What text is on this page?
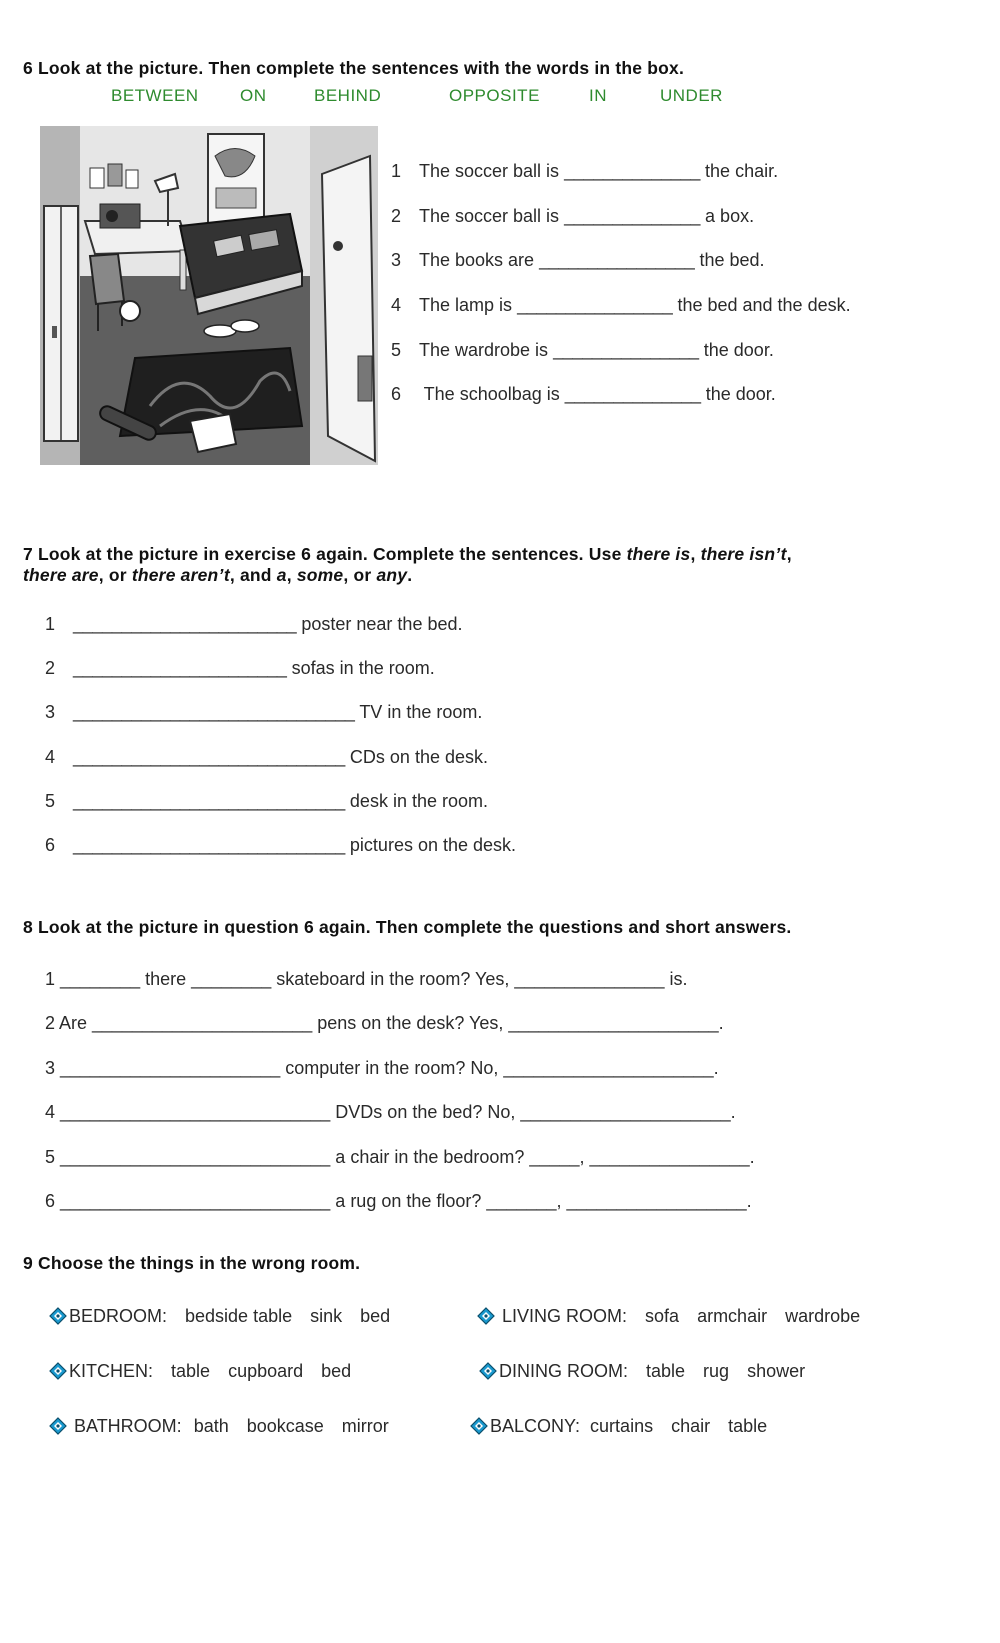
6 Look at the picture. Then complete the sentences with the words in the box.
BETWEEN ON	BEHIND	OPPOSITE	IN	UNDER
1 The soccer ball is ______________ the chair.
2 The soccer ball is ______________ a box.
3 The books are ________________ the bed.
4 The lamp is ________________ the bed and the desk.
5 The wardrobe is _______________ the door.
6 The schoolbag is ______________ the door.
7 Look at the picture in exercise 6 again. Complete the sentences. Use there is, there isn’t,
there are, or there aren’t, and a, some, or any.
1 _______________________ poster near the bed.
2 ______________________ sofas in the room.
3 _____________________________ TV in the room.
4 ____________________________ CDs on the desk.
5 ____________________________ desk in the room.
6 ____________________________ pictures on the desk.
8 Look at the picture in question 6 again. Then complete the questions and short answers.
1 ________ there ________ skateboard in the room? Yes, _______________ is.
2 Are ______________________ pens on the desk? Yes, _____________________.
3 ______________________ computer in the room? No, _____________________.
4 ___________________________ DVDs on the bed? No, _____________________.
5 ___________________________ a chair in the bedroom? _____, ________________.
6 ___________________________ a rug on the floor? _______, __________________.
9 Choose the things in the wrong room.
BEDROOM: bedside table sink bed	LIVING ROOM: sofa armchair wardrobe
KITCHEN: table cupboard bed	DINING ROOM: table rug shower
BATHROOM: bath bookcase mirror	BALCONY: curtains chair table
